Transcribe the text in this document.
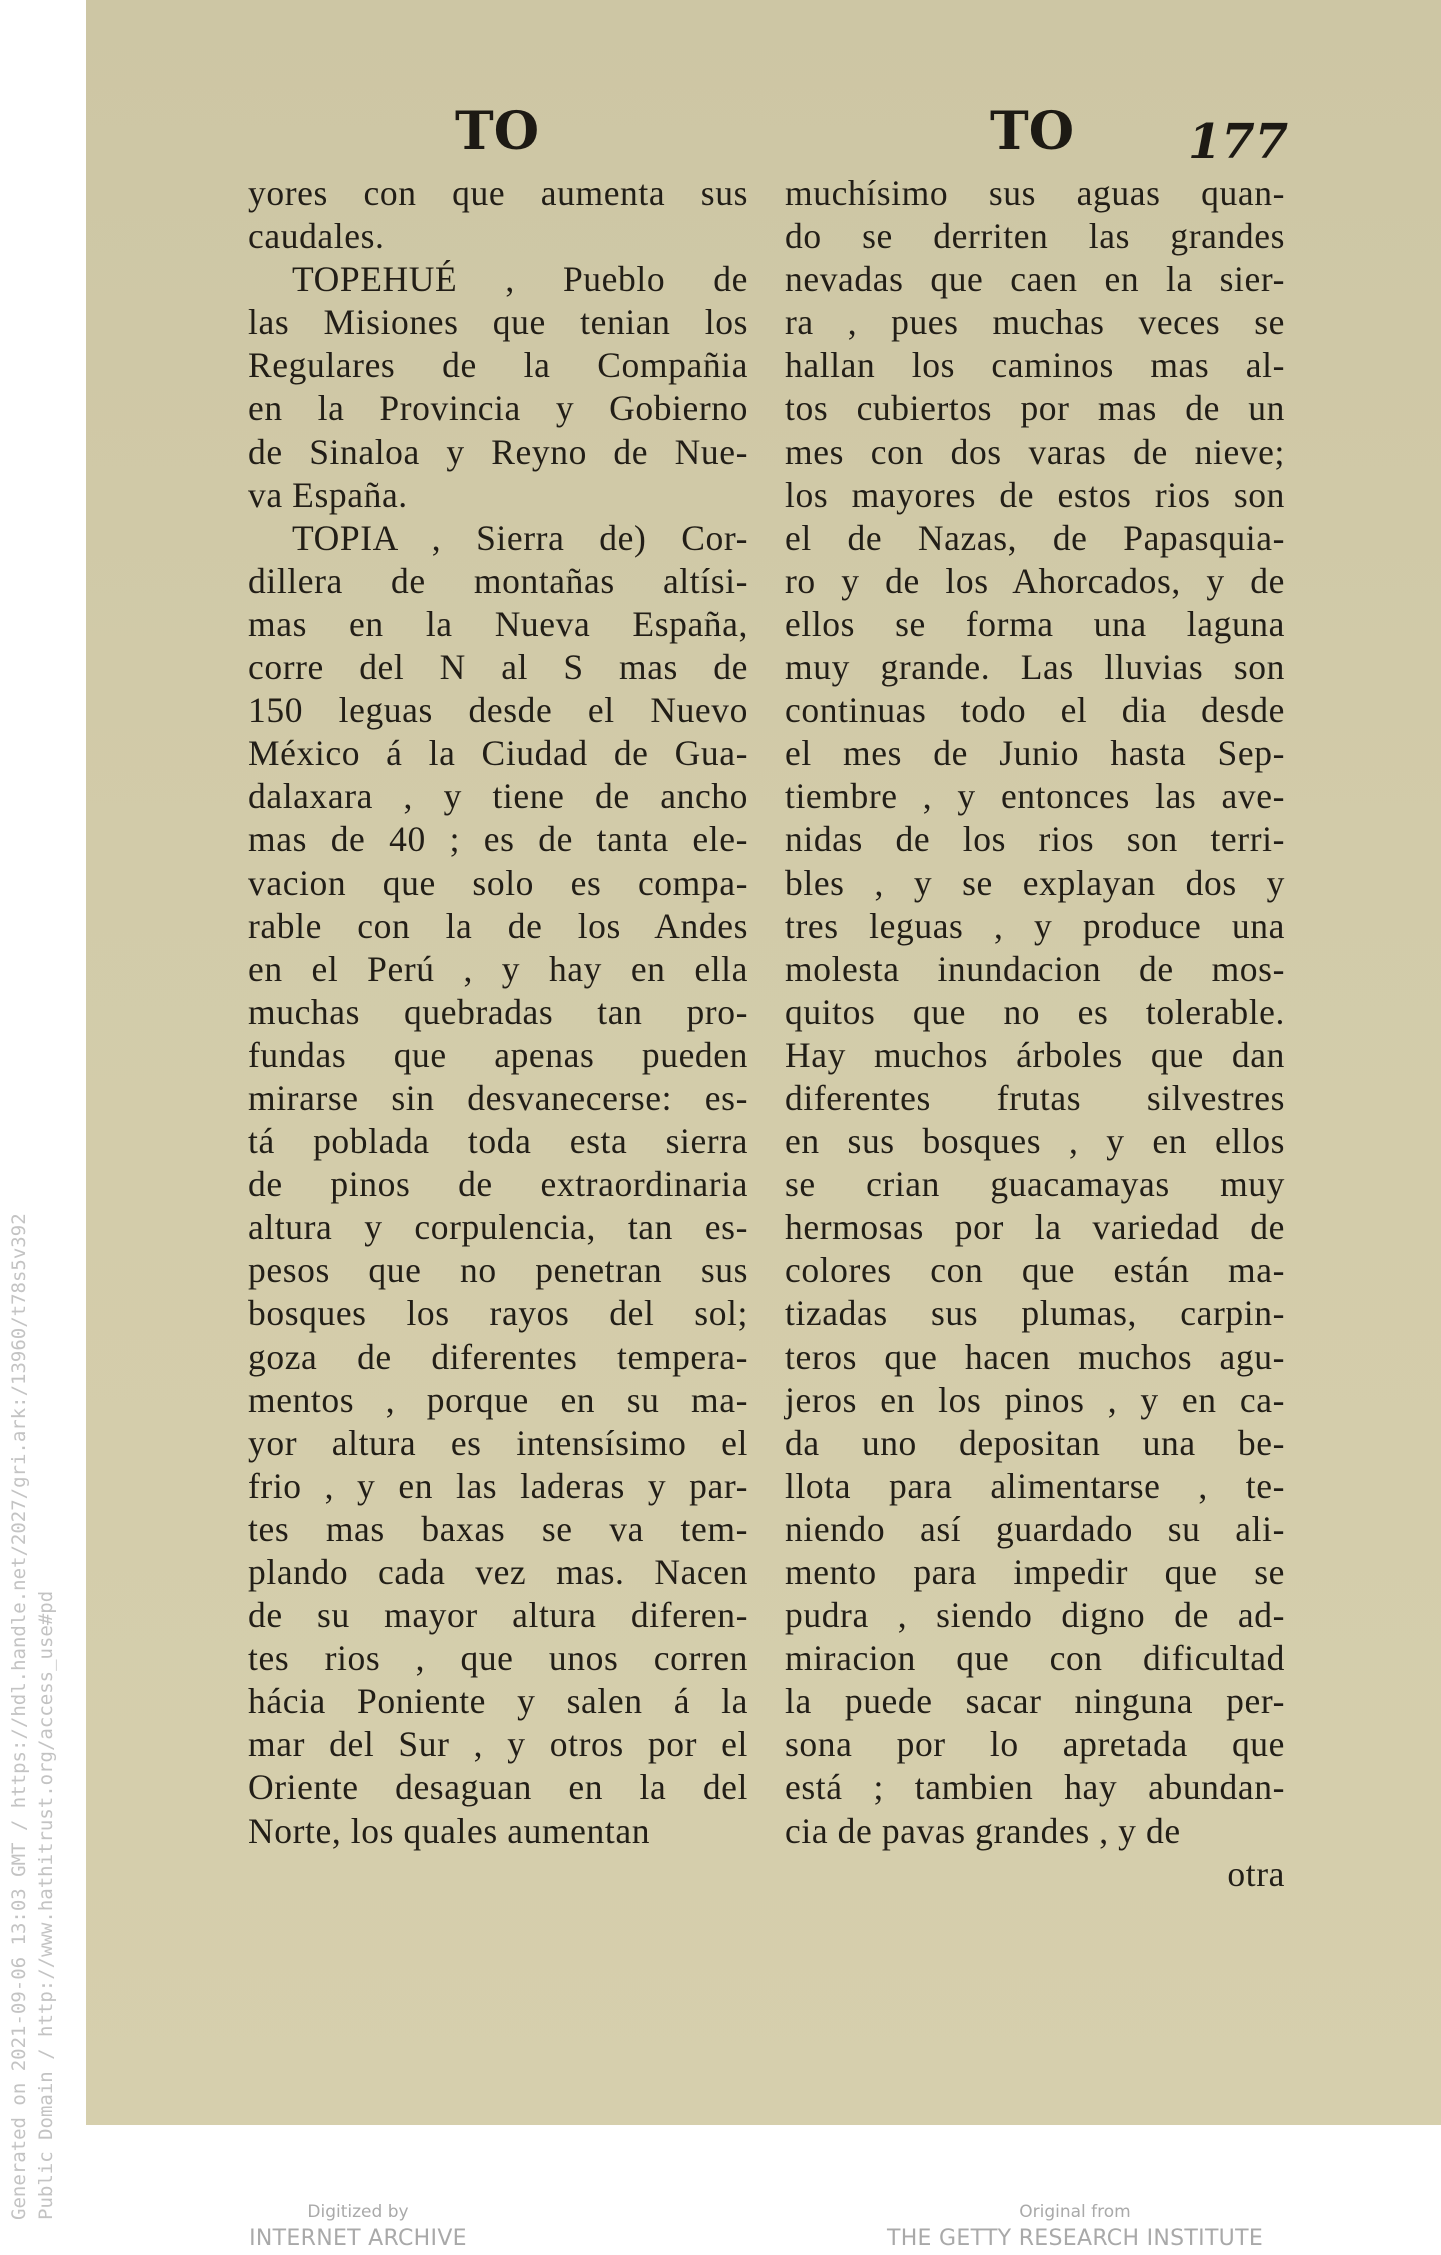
TO	TO 177
yores con que aumenta sus
caudales.
TOPEHUÉ , Pueblo de
las Misiones que tenian los
Regulares de la Compañia
en la Provincia y Gobierno
de Sinaloa y Reyno de Nue-
va España.
TOPIA , Sierra de) Cor-
dillera de montañas altísi-
mas en la Nueva España,
corre del N al S mas de
150 leguas desde el Nuevo
México á la Ciudad de Gua-
dalaxara , y tiene de ancho
mas de 40 ; es de tanta ele-
vacion que solo es compa-
rable con la de los Andes
en el Perú , y hay en ella
muchas quebradas tan pro-
fundas que apenas pueden
mirarse sin desvanecerse: es-
tá poblada toda esta sierra
de pinos de extraordinaria
altura y corpulencia, tan es-
pesos que no penetran sus
bosques los rayos del sol;
goza de diferentes tempera-
mentos , porque en su ma-
yor altura es intensísimo el
frio , y en las laderas y par-
tes mas baxas se va tem-
plando cada vez mas. Nacen
de su mayor altura diferen-
tes rios , que unos corren
hácia Poniente y salen á la
mar del Sur , y otros por el
Oriente desaguan en la del
Norte, los quales aumentan
muchísimo sus aguas quan-
do se derriten las grandes
nevadas que caen en la sier-
ra , pues muchas veces se
hallan los caminos mas al-
tos cubiertos por mas de un
mes con dos varas de nieve;
los mayores de estos rios son
el de Nazas, de Papasquia-
ro y de los Ahorcados, y de
ellos se forma una laguna
muy grande. Las lluvias son
continuas todo el dia desde
el mes de Junio hasta Sep-
tiembre , y entonces las ave-
nidas de los rios son terri-
bles , y se explayan dos y
tres leguas , y produce una
molesta inundacion de mos-
quitos que no es tolerable.
Hay muchos árboles que dan
diferentes frutas silvestres
en sus bosques , y en ellos
se crian guacamayas muy
hermosas por la variedad de
colores con que están ma-
tizadas sus plumas, carpin-
teros que hacen muchos agu-
jeros en los pinos , y en ca-
da uno depositan una be-
llota para alimentarse , te-
niendo así guardado su ali-
mento para impedir que se
pudra , siendo digno de ad-
miracion que con dificultad
la puede sacar ninguna per-
sona por lo apretada que
está ; tambien hay abundan-
cia de pavas grandes , y de
otra
Generated on 2021-09-06 13:03 GMT / https://hdl.handle.net/2027/gri.ark:/13960/t78s5v392 Public Domain / http://www.hathitrust.org/access_use#pd	Digitized by
INTERNET ARCHIVE
Original from
THE GETTY RESEARCH INSTITUTE
